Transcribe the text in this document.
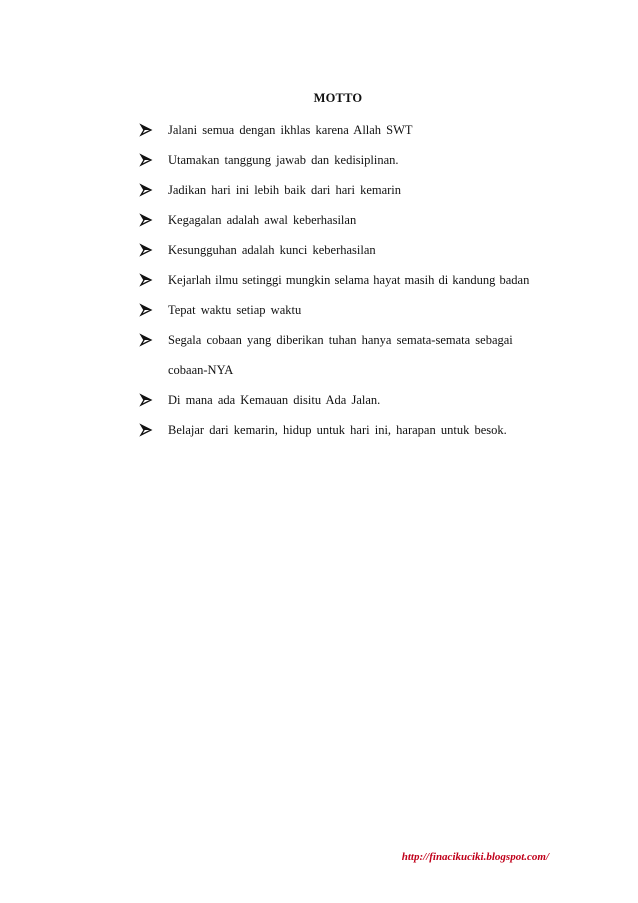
MOTTO
Jalani semua dengan ikhlas karena Allah SWT
Utamakan tanggung jawab dan kedisiplinan.
Jadikan hari ini lebih baik dari hari kemarin
Kegagalan adalah awal keberhasilan
Kesungguhan adalah kunci keberhasilan
Kejarlah ilmu setinggi mungkin selama hayat masih di kandung badan
Tepat waktu setiap waktu
Segala cobaan yang diberikan tuhan hanya semata-semata sebagai
cobaan-NYA
Di mana ada Kemauan disitu Ada Jalan.
Belajar dari kemarin, hidup untuk hari ini, harapan untuk besok.
http://finacikuciki.blogspot.com/
